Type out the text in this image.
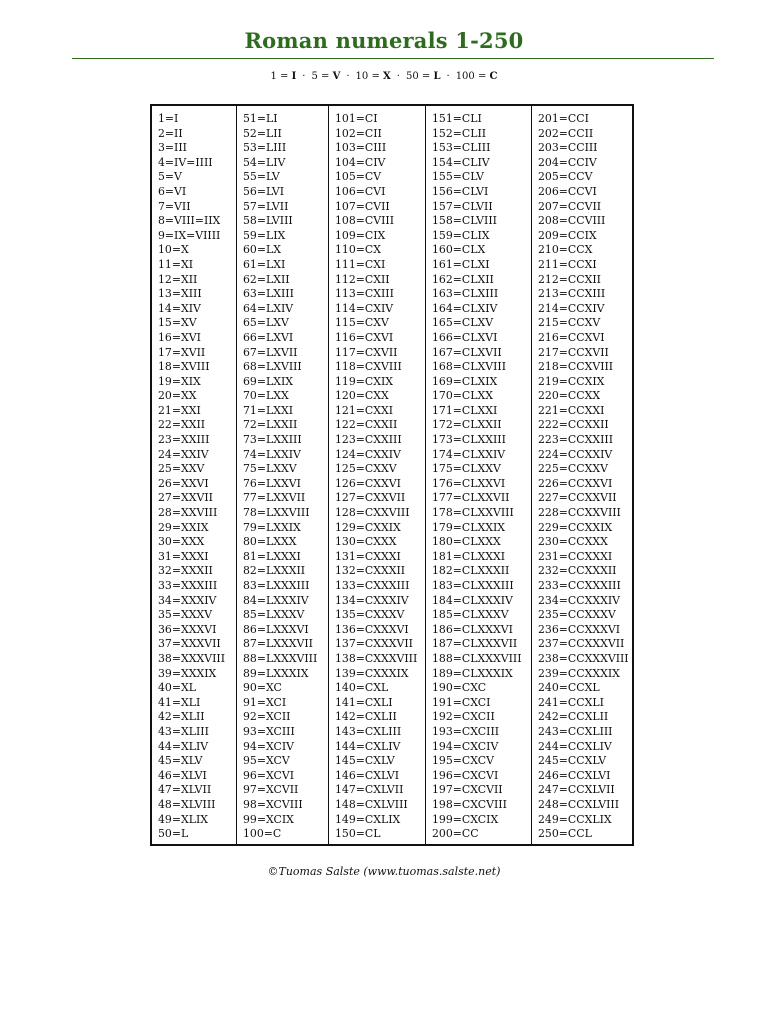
Roman numerals 1-250
1 = I · 5 = V · 10 = X · 50 = L · 100 = C
1=I
2=II
3=III
4=IV=IIII
5=V
6=VI
7=VII
8=VIII=IIX
9=IX=VIIII
10=X
11=XI
12=XII
13=XIII
14=XIV
15=XV
16=XVI
17=XVII
18=XVIII
19=XIX
20=XX
21=XXI
22=XXII
23=XXIII
24=XXIV
25=XXV
26=XXVI
27=XXVII
28=XXVIII
29=XXIX
30=XXX
31=XXXI
32=XXXII
33=XXXIII
34=XXXIV
35=XXXV
36=XXXVI
37=XXXVII
38=XXXVIII
39=XXXIX
40=XL
41=XLI
42=XLII
43=XLIII
44=XLIV
45=XLV
46=XLVI
47=XLVII
48=XLVIII
49=XLIX
50=L
51=LI
52=LII
53=LIII
54=LIV
55=LV
56=LVI
57=LVII
58=LVIII
59=LIX
60=LX
61=LXI
62=LXII
63=LXIII
64=LXIV
65=LXV
66=LXVI
67=LXVII
68=LXVIII
69=LXIX
70=LXX
71=LXXI
72=LXXII
73=LXXIII
74=LXXIV
75=LXXV
76=LXXVI
77=LXXVII
78=LXXVIII
79=LXXIX
80=LXXX
81=LXXXI
82=LXXXII
83=LXXXIII
84=LXXXIV
85=LXXXV
86=LXXXVI
87=LXXXVII
88=LXXXVIII
89=LXXXIX
90=XC
91=XCI
92=XCII
93=XCIII
94=XCIV
95=XCV
96=XCVI
97=XCVII
98=XCVIII
99=XCIX
100=C
101=CI
102=CII
103=CIII
104=CIV
105=CV
106=CVI
107=CVII
108=CVIII
109=CIX
110=CX
111=CXI
112=CXII
113=CXIII
114=CXIV
115=CXV
116=CXVI
117=CXVII
118=CXVIII
119=CXIX
120=CXX
121=CXXI
122=CXXII
123=CXXIII
124=CXXIV
125=CXXV
126=CXXVI
127=CXXVII
128=CXXVIII
129=CXXIX
130=CXXX
131=CXXXI
132=CXXXII
133=CXXXIII
134=CXXXIV
135=CXXXV
136=CXXXVI
137=CXXXVII
138=CXXXVIII
139=CXXXIX
140=CXL
141=CXLI
142=CXLII
143=CXLIII
144=CXLIV
145=CXLV
146=CXLVI
147=CXLVII
148=CXLVIII
149=CXLIX
150=CL
151=CLI
152=CLII
153=CLIII
154=CLIV
155=CLV
156=CLVI
157=CLVII
158=CLVIII
159=CLIX
160=CLX
161=CLXI
162=CLXII
163=CLXIII
164=CLXIV
165=CLXV
166=CLXVI
167=CLXVII
168=CLXVIII
169=CLXIX
170=CLXX
171=CLXXI
172=CLXXII
173=CLXXIII
174=CLXXIV
175=CLXXV
176=CLXXVI
177=CLXXVII
178=CLXXVIII
179=CLXXIX
180=CLXXX
181=CLXXXI
182=CLXXXII
183=CLXXXIII
184=CLXXXIV
185=CLXXXV
186=CLXXXVI
187=CLXXXVII
188=CLXXXVIII
189=CLXXXIX
190=CXC
191=CXCI
192=CXCII
193=CXCIII
194=CXCIV
195=CXCV
196=CXCVI
197=CXCVII
198=CXCVIII
199=CXCIX
200=CC
201=CCI
202=CCII
203=CCIII
204=CCIV
205=CCV
206=CCVI
207=CCVII
208=CCVIII
209=CCIX
210=CCX
211=CCXI
212=CCXII
213=CCXIII
214=CCXIV
215=CCXV
216=CCXVI
217=CCXVII
218=CCXVIII
219=CCXIX
220=CCXX
221=CCXXI
222=CCXXII
223=CCXXIII
224=CCXXIV
225=CCXXV
226=CCXXVI
227=CCXXVII
228=CCXXVIII
229=CCXXIX
230=CCXXX
231=CCXXXI
232=CCXXXII
233=CCXXXIII
234=CCXXXIV
235=CCXXXV
236=CCXXXVI
237=CCXXXVII
238=CCXXXVIII
239=CCXXXIX
240=CCXL
241=CCXLI
242=CCXLII
243=CCXLIII
244=CCXLIV
245=CCXLV
246=CCXLVI
247=CCXLVII
248=CCXLVIII
249=CCXLIX
250=CCL
©Tuomas Salste (www.tuomas.salste.net)
